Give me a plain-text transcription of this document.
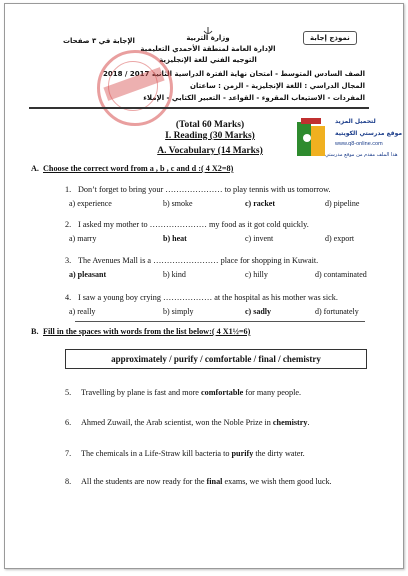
نموذج إجابة
الإجابة في ٣ صفحات	وزارة التربية
الإدارة العامة لمنطقة الأحمدي التعليمية
التوجيه الفني للغة الإنجليزية
الصف السادس المتوسط - امتحان نهاية الفترة الدراسية الثانية 2017 / 2018
المجال الدراسي : اللغة الإنجليزية - الزمن : ساعتان
المفردات - الاستيعاب المقروء - القواعد - التعبير الكتابي - الإملاء
لتحميل المزيد
موقع مدرستي الكويتية
www.q8-online.com
هذا الملف مقدم من موقع مدرستي
(Total 60 Marks)
I. Reading (30 Marks)
A. Vocabulary (14 Marks)
A. Choose the correct word from a , b , c and d :( 4 X2=8)
1. Don’t forget to bring your ………………… to play tennis with us tomorrow.
a) experience	b) smoke	c) racket	d) pipeline
2. I asked my mother to ………………… my food as it got cold quickly.
a) marry	b) heat	c) invent	d) export
3. The Avenues Mall is a …………………… place for shopping in Kuwait.
a) pleasant	b) kind	c) hilly	d) contaminated
4. I saw a young boy crying ……………… at the hospital as his mother was sick.
a) really	b) simply	c) sadly	d) fortunately
B. Fill in the spaces with words from the list below:( 4 X1½=6)
approximately / purify / comfortable / final / chemistry
5. Travelling by plane is fast and more comfortable for many people.
6. Ahmed Zuwail, the Arab scientist, won the Noble Prize in chemistry.
7. The chemicals in a Life-Straw kill bacteria to purify the dirty water.
8. All the students are now ready for the final exams, we wish them good luck.
